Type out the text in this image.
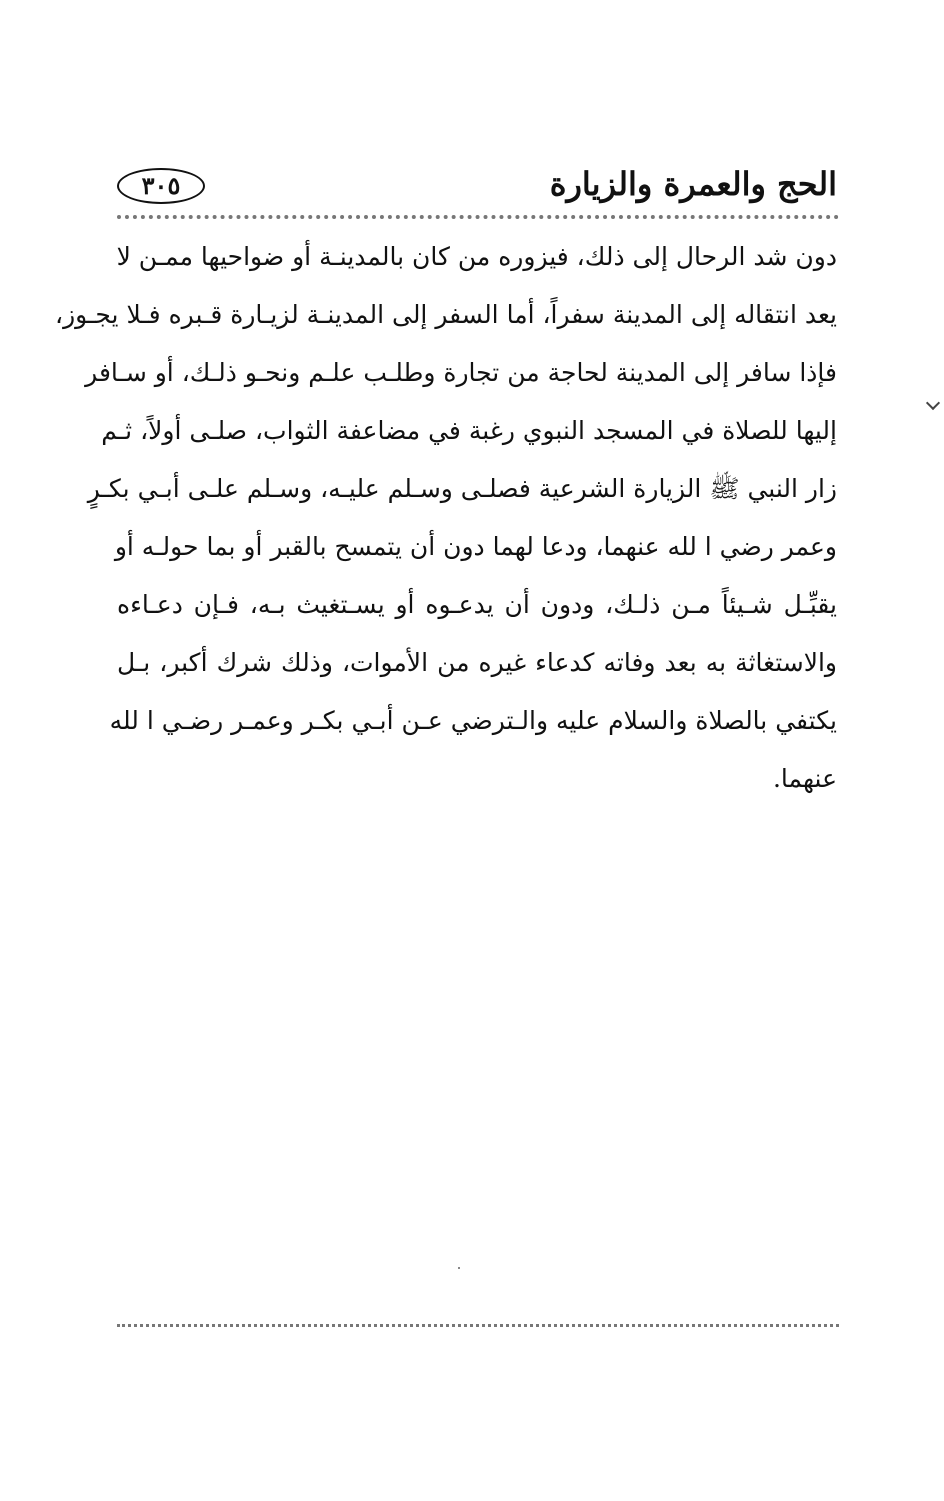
الحج والعمرة والزيارة
٣٠٥
دون شد الرحال إلى ذلك، فيزوره من كان بالمدينـة أو ضواحيها ممـن لا
يعد انتقاله إلى المدينة سفراً، أما السفر إلى المدينـة لزيـارة قـبره فـلا يجـوز،
فإذا سافر إلى المدينة لحاجة من تجارة وطلـب علـم ونحـو ذلـك، أو سـافر
إليها للصلاة في المسجد النبوي رغبة في مضاعفة الثواب، صلـى أولاً، ثـم
زار النبي ﷺ الزيارة الشرعية فصلـى وسـلم عليـه، وسـلم علـى أبـي بكـرٍ
وعمر رضي ا لله عنهما، ودعا لهما دون أن يتمسح بالقبر أو بما حولـه أو
يقبِّـل شـيئاً مـن ذلـك، ودون أن يدعـوه أو يسـتغيث بـه، فـإن دعـاءه
والاستغاثة به بعد وفاته كدعاء غيره من الأموات، وذلك شرك أكبر، بـل
يكتفي بالصلاة والسلام عليه والـترضي عـن أبـي بكـر وعمـر رضـي ا لله
عنهما.
